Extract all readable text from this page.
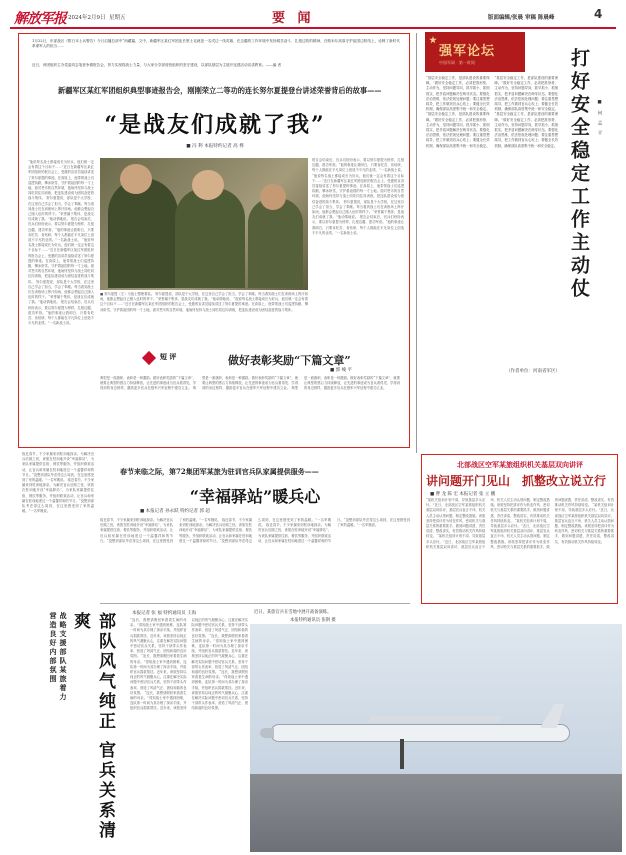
解放军报 2024年2月9日 星期五	要 闻	版面编辑/张晨 审稿 陈晨峰	4
1月22日，东部战区《附日本士兵警告》今日启播总部中“西藏篇，文中，新疆军区某红军团连长察士克就是一名戍边一线英雄，在边疆的工作环境中发扬艰苦奋斗、扎根边防的精神，在帕米尔高原守护祖国边防线上，诠释了新时代革命军人的担当……
近日，该团组织主办党委同志笔者争做报告会，努力实现将战士力量，与大家分享部营营组织的坚守建设，以部队基层为主展开连建活动宣讲教育。——编 者
新疆军区某红军团组织典型事迹报告会，刚刚荣立二等功的连长努尔夏提登台讲述荣誉背后的故事——
“是战友们成就了我”
■ 冯 利 本报特约记者 高 桦
“他说每名战士都接成长为好兵，他们就一定会有着这个目标干……”近日在新疆军区某红军团组织的报告会上，受邀的宣讲员接续讲述了努尔夏提的事迹。在高原上，他带领战士们巡逻执勤，攀冰卧雪，守护着祖国的每一寸土地。面对恶劣的自然环境，他始终坚持与战士同吃同住同训练，把连队建设成为团结奋进的战斗集体。 努尔夏提说，部队是个大学校，在这里自己学会了担当，学会了奉献。每当看到战士们在训练场上挥汗如雨，他都会想起自己刚入伍时的样子。“荣誉属于集体，是战友们成就了我。”他动情地说。 报告会结束后，官兵们纷纷表示，要以努尔夏提为榜样，扎根边疆、建功军营。“他的事迹让我明白，只要肯吃苦、肯钻研，每个人都能在平凡岗位上创造不平凡的业绩。”一名新战士说。 “他说每名战士都接成长为好兵，他们就一定会有着这个目标干……”近日在新疆军区某红军团组织的报告会上，受邀的宣讲员接续讲述了努尔夏提的事迹。在高原上，他带领战士们巡逻执勤，攀冰卧雪，守护着祖国的每一寸土地。面对恶劣的自然环境，他始终坚持与战士同吃同住同训练，把连队建设成为团结奋进的战斗集体。 努尔夏提说，部队是个大学校，在这里自己学会了担当，学会了奉献。每当看到战士们在训练场上挥汗如雨，他都会想起自己刚入伍时的样子。“荣誉属于集体，是战友们成就了我。”他动情地说。 报告会结束后，官兵们纷纷表示，要以努尔夏提为榜样，扎根边疆、建功军营。“他的事迹让我明白，只要肯吃苦、肯钻研，每个人都能在平凡岗位上创造不平凡的业绩。”一名新战士说。
■ 努尔夏提（左）为战士整理着装。 努尔夏提说，部队是个大学校，在这里自己学会了担当，学会了奉献。每当看到战士们在训练场上挥汗如雨，他都会想起自己刚入伍时的样子。“荣誉属于集体，是战友们成就了我。”他动情地说。 “他说每名战士都接成长为好兵，他们就一定会有着这个目标干……”近日在新疆军区某红军团组织的报告会上，受邀的宣讲员接续讲述了努尔夏提的事迹。在高原上，他带领战士们巡逻执勤，攀冰卧雪，守护着祖国的每一寸土地。面对恶劣的自然环境，他始终坚持与战士同吃同住同训练，把连队建设成为团结奋进的战斗集体。
报告会结束后，官兵们纷纷表示，要以努尔夏提为榜样，扎根边疆、建功军营。“他的事迹让我明白，只要肯吃苦、肯钻研，每个人都能在平凡岗位上创造不平凡的业绩。”一名新战士说。 “他说每名战士都接成长为好兵，他们就一定会有着这个目标干……”近日在新疆军区某红军团组织的报告会上，受邀的宣讲员接续讲述了努尔夏提的事迹。在高原上，他带领战士们巡逻执勤，攀冰卧雪，守护着祖国的每一寸土地。面对恶劣的自然环境，他始终坚持与战士同吃同住同训练，把连队建设成为团结奋进的战斗集体。 努尔夏提说，部队是个大学校，在这里自己学会了担当，学会了奉献。每当看到战士们在训练场上挥汗如雨，他都会想起自己刚入伍时的样子。“荣誉属于集体，是战友们成就了我。”他动情地说。 报告会结束后，官兵们纷纷表示，要以努尔夏提为榜样，扎根边疆、建功军营。“他的事迹让我明白，只要肯吃苦、肯钻研，每个人都能在平凡岗位上创造不平凡的业绩。”一名新战士说。
短 评	做好表彰奖励“下篇文章”
■ 郭 峻 平
典型是一面旗帜，表彰是一种激励。做好表彰奖励的“下篇文章”，就要让典型的感召力持续释放，让先进的事迹成为官兵看得见、学得到的身边榜样，激励更多官兵在强军兴军征程中建功立业。 典型是一面旗帜，表彰是一种激励。做好表彰奖励的“下篇文章”，就要让典型的感召力持续释放，让先进的事迹成为官兵看得见、学得到的身边榜样，激励更多官兵在强军兴军征程中建功立业。 典型是一面旗帜，表彰是一种激励。做好表彰奖励的“下篇文章”，就要让典型的感召力持续释放，让先进的事迹成为官兵看得见、学得到的身边榜样，激励更多官兵在强军兴军征程中建功立业。
临近春节，不少家属来到驻训地探亲。为解决官兵后顾之忧，该旅在驻训地开设“幸福驿站”，为来队家属提供住宿、餐饮等服务，并组织联欢活动，让官兵和家属在驻训地度过一个温馨祥和的节日。“没想到部队考虑得这么周到，在这里感受到了家的温暖。”一名军嫂说。 临近春节，不少家属来到驻训地探亲。为解决官兵后顾之忧，该旅在驻训地开设“幸福驿站”，为来队家属提供住宿、餐饮等服务，并组织联欢活动，让官兵和家属在驻训地度过一个温馨祥和的节日。“没想到部队考虑得这么周到，在这里感受到了家的温暖。”一名军嫂说。
春节来临之际，第72集团军某旅为驻训官兵队家属提供服务——
“幸福驿站”暖兵心
■ 本报记者 孙永跃 特约记者 郭 超
临近春节，不少家属来到驻训地探亲。为解决官兵后顾之忧，该旅在驻训地开设“幸福驿站”，为来队家属提供住宿、餐饮等服务，并组织联欢活动，让官兵和家属在驻训地度过一个温馨祥和的节日。“没想到部队考虑得这么周到，在这里感受到了家的温暖。”一名军嫂说。 临近春节，不少家属来到驻训地探亲。为解决官兵后顾之忧，该旅在驻训地开设“幸福驿站”，为来队家属提供住宿、餐饮等服务，并组织联欢活动，让官兵和家属在驻训地度过一个温馨祥和的节日。“没想到部队考虑得这么周到，在这里感受到了家的温暖。”一名军嫂说。 临近春节，不少家属来到驻训地探亲。为解决官兵后顾之忧，该旅在驻训地开设“幸福驿站”，为来队家属提供住宿、餐饮等服务，并组织联欢活动，让官兵和家属在驻训地度过一个温馨祥和的节日。“没想到部队考虑得这么周到，在这里感受到了家的温暖。”一名军嫂说。
战略支援部队某旅着力营造良好内部氛围	部队风气纯正 官兵关系清爽	本报记者 张 福 特约通讯员 王海
“连长，我想请假回家看看生病的母亲。”得知战士家中遇到困难，连队第一时间为其办理了探亲手续，并组织官兵捐款帮扶。近年来，该旅坚持以纯正的风气凝聚兵心，注重在解决实际问题中密切官兵关系，坚持干部带头作表率，营造了风清气正、团结和谐的良好氛围。 “连长，我想请假回家看看生病的母亲。”得知战士家中遇到困难，连队第一时间为其办理了探亲手续，并组织官兵捐款帮扶。近年来，该旅坚持以纯正的风气凝聚兵心，注重在解决实际问题中密切官兵关系，坚持干部带头作表率，营造了风清气正、团结和谐的良好氛围。 “连长，我想请假回家看看生病的母亲。”得知战士家中遇到困难，连队第一时间为其办理了探亲手续，并组织官兵捐款帮扶。近年来，该旅坚持以纯正的风气凝聚兵心，注重在解决实际问题中密切官兵关系，坚持干部带头作表率，营造了风清气正、团结和谐的良好氛围。 “连长，我想请假回家看看生病的母亲。”得知战士家中遇到困难，连队第一时间为其办理了探亲手续，并组织官兵捐款帮扶。近年来，该旅坚持以纯正的风气凝聚兵心，注重在解决实际问题中密切官兵关系，坚持干部带头作表率，营造了风清气正、团结和谐的良好氛围。 “连长，我想请假回家看看生病的母亲。”得知战士家中遇到困难，连队第一时间为其办理了探亲手续，并组织官兵捐款帮扶。近年来，该旅坚持以纯正的风气凝聚兵心，注重在解决实际问题中密切官兵关系，坚持干部带头作表率，营造了风清气正、团结和谐的良好氛围。
近日，某旅官兵在雪地中展开战备演练。
本报特约通讯员 张钢 摄
强军论坛
中国军网 · 第一时间
“基层安全稳定工作，是部队建设的重要保障。”做好安全稳定工作，必须把准形势，主动作为，坚持问题导向，抓早抓小、抓细抓实，把矛盾问题解决在萌芽状态。要强化法治思维，依法依规处理问题；要注重思想疏导，把工作做到官兵心坎上；要健全长效机制，确保部队高度集中统一和安全稳定。 “基层安全稳定工作，是部队建设的重要保障。”做好安全稳定工作，必须把准形势，主动作为，坚持问题导向，抓早抓小、抓细抓实，把矛盾问题解决在萌芽状态。要强化法治思维，依法依规处理问题；要注重思想疏导，把工作做到官兵心坎上；要健全长效机制，确保部队高度集中统一和安全稳定。 “基层安全稳定工作，是部队建设的重要保障。”做好安全稳定工作，必须把准形势，主动作为，坚持问题导向，抓早抓小、抓细抓实，把矛盾问题解决在萌芽状态。要强化法治思维，依法依规处理问题；要注重思想疏导，把工作做到官兵心坎上；要健全长效机制，确保部队高度集中统一和安全稳定。 “基层安全稳定工作，是部队建设的重要保障。”做好安全稳定工作，必须把准形势，主动作为，坚持问题导向，抓早抓小、抓细抓实，把矛盾问题解决在萌芽状态。要强化法治思维，依法依规处理问题；要注重思想疏导，把工作做到官兵心坎上；要健全长效机制，确保部队高度集中统一和安全稳定。
（作者单位：河南省军区）
打好安全稳定工作主动仗	■ 何 孟 平
北部战区空军某旅组织机关基层双向讲评
讲问题开门见山 抓整改立说立行
■ 曹 龙 陈 宏 本报记者 张 立 鹏
“某机关组训计划不周，导致基层多头应付。”近日，北部战区空军某旅组织机关基层双向讲评，基层官兵直言不讳，机关人员主动认领问题、制定整改措施。该旅坚持把讲评作为转变作风、密切机关与基层关系的重要抓手，做到问题讲透、责任讲清、整改讲实，有效推动机关作风持续转变。 “某机关组训计划不周，导致基层多头应付。”近日，北部战区空军某旅组织机关基层双向讲评，基层官兵直言不讳，机关人员主动认领问题、制定整改措施。该旅坚持把讲评作为转变作风、密切机关与基层关系的重要抓手，做到问题讲透、责任讲清、整改讲实，有效推动机关作风持续转变。 “某机关组训计划不周，导致基层多头应付。”近日，北部战区空军某旅组织机关基层双向讲评，基层官兵直言不讳，机关人员主动认领问题、制定整改措施。该旅坚持把讲评作为转变作风、密切机关与基层关系的重要抓手，做到问题讲透、责任讲清、整改讲实，有效推动机关作风持续转变。 “某机关组训计划不周，导致基层多头应付。”近日，北部战区空军某旅组织机关基层双向讲评，基层官兵直言不讳，机关人员主动认领问题、制定整改措施。该旅坚持把讲评作为转变作风、密切机关与基层关系的重要抓手，做到问题讲透、责任讲清、整改讲实，有效推动机关作风持续转变。
